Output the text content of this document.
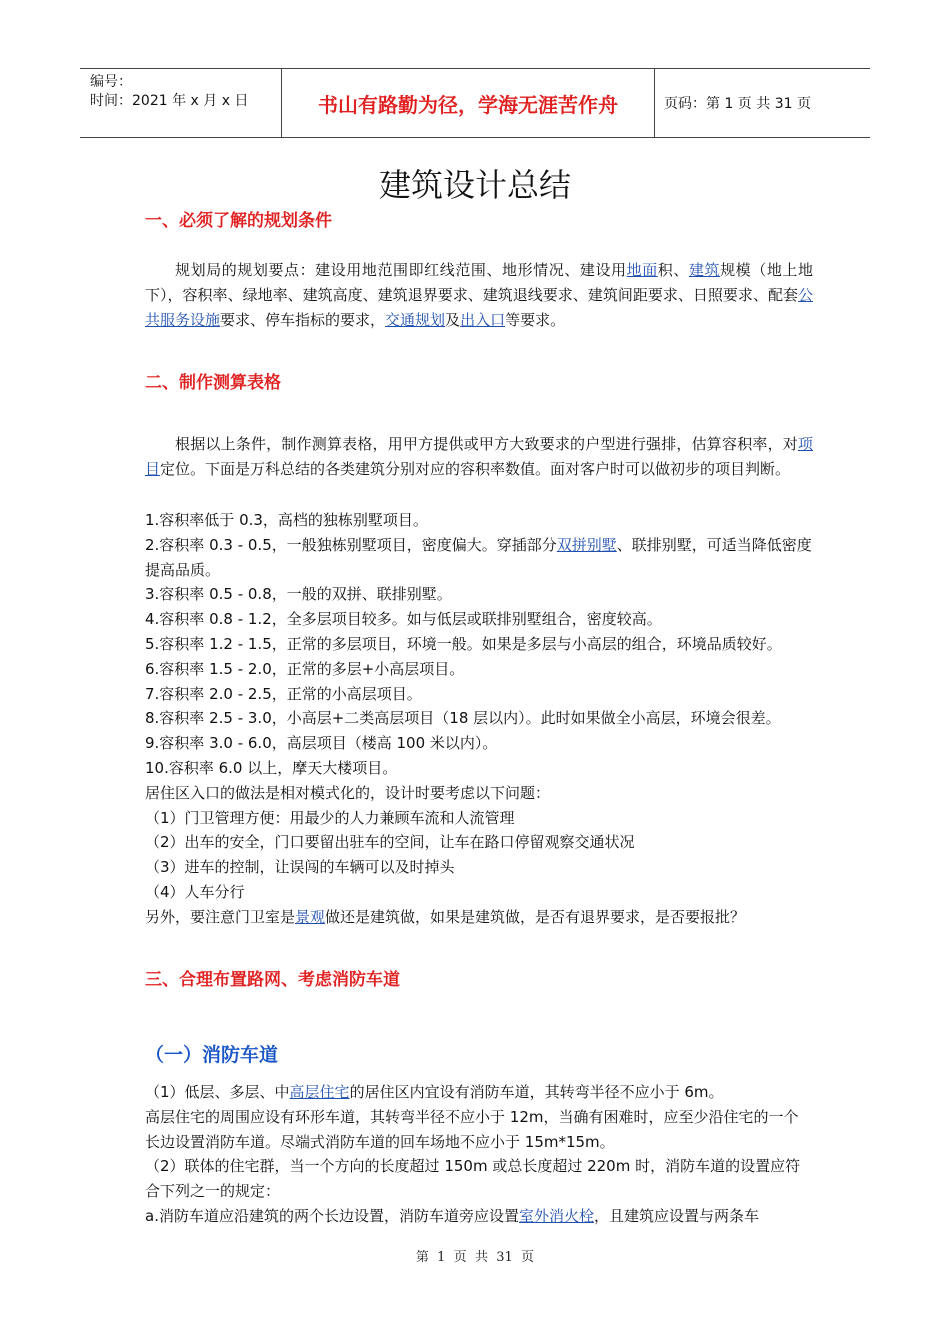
编号：
时间：2021 年 x 月 x 日	书山有路勤为径，学海无涯苦作舟	页码：第 1 页 共 31 页
建筑设计总结
一、必须了解的规划条件

规划局的规划要点：建设用地范围即红线范围、地形情况、建设用地面积、建筑规模（地上地下），容积率、绿地率、建筑高度、建筑退界要求、建筑退线要求、建筑间距要求、日照要求、配套公共服务设施要求、停车指标的要求，交通规划及出入口等要求。

二、制作测算表格

根据以上条件，制作测算表格，用甲方提供或甲方大致要求的户型进行强排，估算容积率，对项目定位。下面是万科总结的各类建筑分别对应的容积率数值。面对客户时可以做初步的项目判断。

1.容积率低于 0.3，高档的独栋别墅项目。

2.容积率 0.3 - 0.5，一般独栋别墅项目，密度偏大。穿插部分双拼别墅、联排别墅，可适当降低密度提高品质。

3.容积率 0.5 - 0.8，一般的双拼、联排别墅。

4.容积率 0.8 - 1.2，全多层项目较多。如与低层或联排别墅组合，密度较高。

5.容积率 1.2 - 1.5，正常的多层项目，环境一般。如果是多层与小高层的组合，环境品质较好。

6.容积率 1.5 - 2.0，正常的多层+小高层项目。

7.容积率 2.0 - 2.5，正常的小高层项目。

8.容积率 2.5 - 3.0，小高层+二类高层项目（18 层以内）。此时如果做全小高层，环境会很差。

9.容积率 3.0 - 6.0，高层项目（楼高 100 米以内）。

10.容积率 6.0 以上，摩天大楼项目。

居住区入口的做法是相对模式化的，设计时要考虑以下问题：

（1）门卫管理方便：用最少的人力兼顾车流和人流管理

（2）出车的安全，门口要留出驻车的空间，让车在路口停留观察交通状况

（3）进车的控制，让误闯的车辆可以及时掉头

（4）人车分行

另外，要注意门卫室是景观做还是建筑做，如果是建筑做，是否有退界要求，是否要报批？

三、合理布置路网、考虑消防车道
（一）消防车道

（1）低层、多层、中高层住宅的居住区内宜设有消防车道，其转弯半径不应小于 6m。

高层住宅的周围应设有环形车道，其转弯半径不应小于 12m，当确有困难时，应至少沿住宅的一个长边设置消防车道。尽端式消防车道的回车场地不应小于 15m*15m。

（2）联体的住宅群，当一个方向的长度超过 150m 或总长度超过 220m 时，消防车道的设置应符合下列之一的规定：

a.消防车道应沿建筑的两个长边设置，消防车道旁应设置室外消火栓，且建筑应设置与两条车

第  1  页  共  31  页
